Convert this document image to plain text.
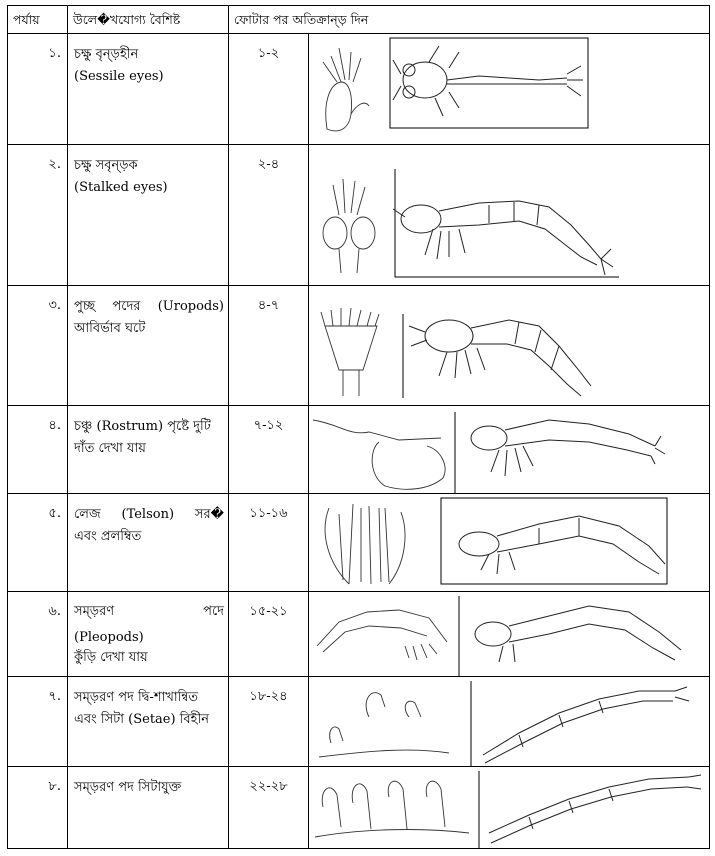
পর্যায়	উলে�খযোগ্য বৈশিষ্ট	ফোটার পর অতিক্রান্ড় দিন	
১.	চক্ষু বৃন্ড়হীন
(Sessile eyes)	১-২	

২.	চক্ষু সবৃন্ড়ক
(Stalked eyes)	২-৪	

৩.	পুচ্ছ পদের (Uropods)
আবির্ভাব ঘটে	৪-৭	

৪.	চঞ্চু (Rostrum) পৃষ্টে দুটি
দাঁত দেখা যায়	৭-১২	

৫.	লেজ (Telson) সর�
এবং প্রলম্বিত	১১-১৬	

৬.	সম্ড়রণ পদে
(Pleopods)
কুঁড়ি দেখা যায়	১৫-২১	

৭.	সম্ড়রণ পদ দ্বি-শাখান্বিত
এবং সিটা (Setae) বিহীন	১৮-২৪	

৮.	সম্ড়রণ পদ সিটাযুক্ত	২২-২৮	
